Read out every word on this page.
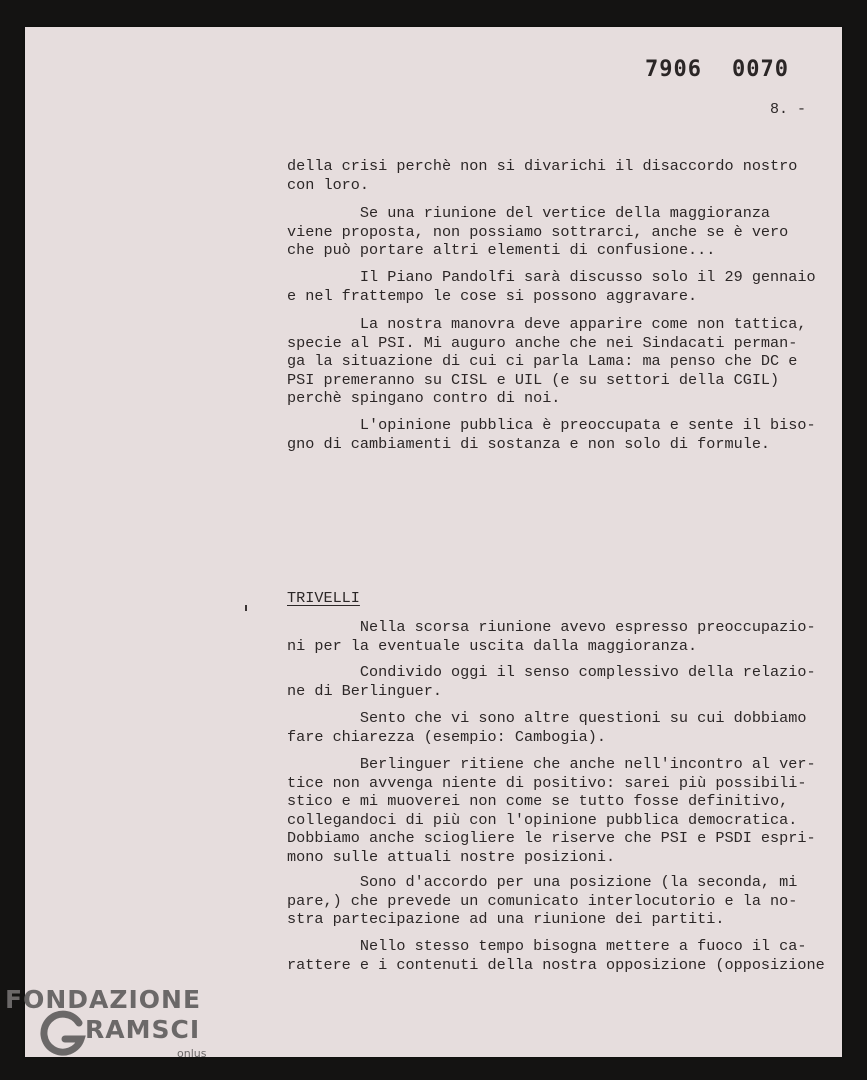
7906 0070
8. -

della crisi perchè non si divarichi il disaccordo nostro
con loro.

Se una riunione del vertice della maggioranza
viene proposta, non possiamo sottrarci, anche se è vero
che può portare altri elementi di confusione...

Il Piano Pandolfi sarà discusso solo il 29 gennaio
e nel frattempo le cose si possono aggravare.

La nostra manovra deve apparire come non tattica,
specie al PSI. Mi auguro anche che nei Sindacati perman-
ga la situazione di cui ci parla Lama: ma penso che DC e
PSI premeranno su CISL e UIL (e su settori della CGIL)
perchè spingano contro di noi.

L'opinione pubblica è preoccupata e sente il biso-
gno di cambiamenti di sostanza e non solo di formule.

TRIVELLI

Nella scorsa riunione avevo espresso preoccupazio-
ni per la eventuale uscita dalla maggioranza.

Condivido oggi il senso complessivo della relazio-
ne di Berlinguer.

Sento che vi sono altre questioni su cui dobbiamo
fare chiarezza (esempio: Cambogia).

Berlinguer ritiene che anche nell'incontro al ver-
tice non avvenga niente di positivo: sarei più possibili-
stico e mi muoverei non come se tutto fosse definitivo,
collegandoci di più con l'opinione pubblica democratica.
Dobbiamo anche sciogliere le riserve che PSI e PSDI espri-
mono sulle attuali nostre posizioni.

Sono d'accordo per una posizione (la seconda, mi
pare,) che prevede un comunicato interlocutorio e la no-
stra partecipazione ad una riunione dei partiti.

Nello stesso tempo bisogna mettere a fuoco il ca-
rattere e i contenuti della nostra opposizione (opposizione

FONDAZIONE
RAMSCI
onlus
